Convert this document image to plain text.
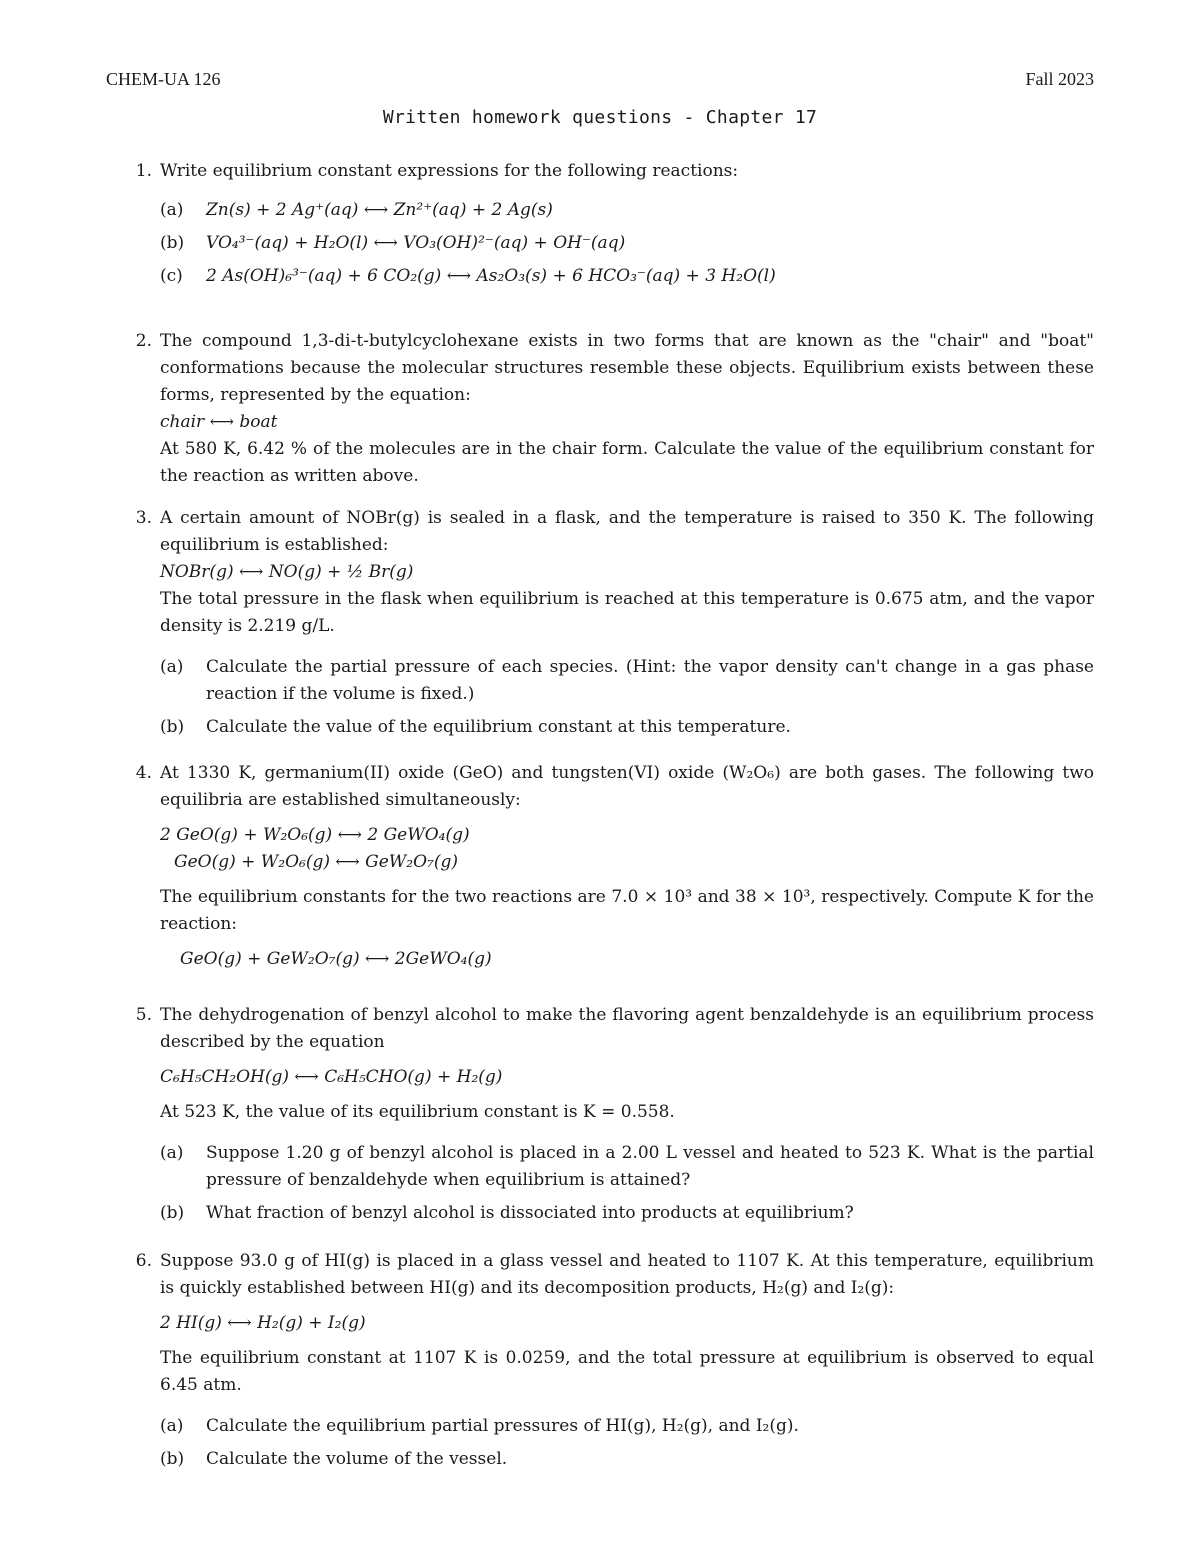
CHEM-UA 126	Fall 2023
Written homework questions - Chapter 17
1. Write equilibrium constant expressions for the following reactions:

(a)	Zn(s) + 2 Ag⁺(aq) ⟷ Zn²⁺(aq) + 2 Ag(s)
(b)	VO₄³⁻(aq) + H₂O(l) ⟷ VO₃(OH)²⁻(aq) + OH⁻(aq)
(c)	2 As(OH)₆³⁻(aq) + 6 CO₂(g) ⟷ As₂O₃(s) + 6 HCO₃⁻(aq) + 3 H₂O(l)
2. The compound 1,3-di-t-butylcyclohexane exists in two forms that are known as the "chair" and "boat" conformations because the molecular structures resemble these objects. Equilibrium exists between these forms, represented by the equation:

chair ⟷ boat

At 580 K, 6.42 % of the molecules are in the chair form. Calculate the value of the equilibrium constant for the reaction as written above.

3. A certain amount of NOBr(g) is sealed in a flask, and the temperature is raised to 350 K. The following equilibrium is established:

NOBr(g) ⟷ NO(g) + ½ Br(g)

The total pressure in the flask when equilibrium is reached at this temperature is 0.675 atm, and the vapor density is 2.219 g/L.

(a)	Calculate the partial pressure of each species. (Hint: the vapor density can't change in a gas phase reaction if the volume is fixed.)
(b)	Calculate the value of the equilibrium constant at this temperature.
4. At 1330 K, germanium(II) oxide (GeO) and tungsten(VI) oxide (W₂O₆) are both gases. The following two equilibria are established simultaneously:

2 GeO(g) + W₂O₆(g) ⟷ 2 GeWO₄(g)

GeO(g) + W₂O₆(g) ⟷ GeW₂O₇(g)

The equilibrium constants for the two reactions are 7.0 × 10³ and 38 × 10³, respectively. Compute K for the reaction:

GeO(g) + GeW₂O₇(g) ⟷ 2GeWO₄(g)

5. The dehydrogenation of benzyl alcohol to make the flavoring agent benzaldehyde is an equilibrium process described by the equation

C₆H₅CH₂OH(g) ⟷ C₆H₅CHO(g) + H₂(g)

At 523 K, the value of its equilibrium constant is K = 0.558.

(a)	Suppose 1.20 g of benzyl alcohol is placed in a 2.00 L vessel and heated to 523 K. What is the partial pressure of benzaldehyde when equilibrium is attained?
(b)	What fraction of benzyl alcohol is dissociated into products at equilibrium?
6. Suppose 93.0 g of HI(g) is placed in a glass vessel and heated to 1107 K. At this temperature, equilibrium is quickly established between HI(g) and its decomposition products, H₂(g) and I₂(g):

2 HI(g) ⟷ H₂(g) + I₂(g)

The equilibrium constant at 1107 K is 0.0259, and the total pressure at equilibrium is observed to equal 6.45 atm.

(a)	Calculate the equilibrium partial pressures of HI(g), H₂(g), and I₂(g).
(b)	Calculate the volume of the vessel.
